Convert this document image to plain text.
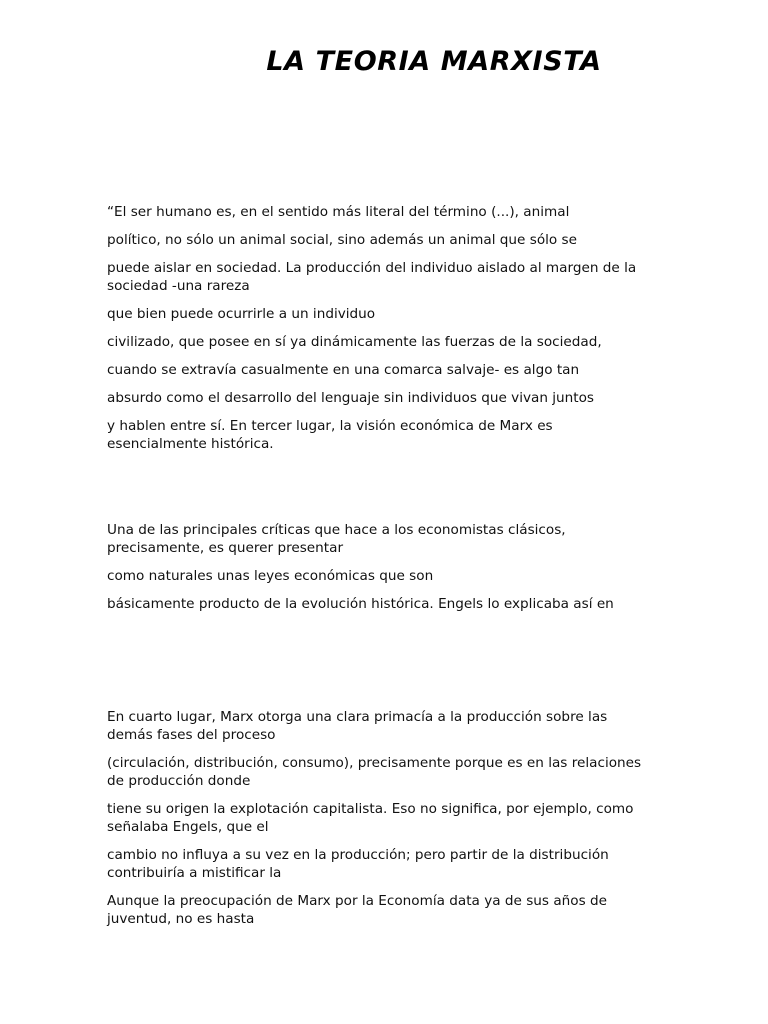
LA TEORIA MARXISTA

“El ser humano es, en el sentido más literal del término (...), animal

político, no sólo un animal social, sino además un animal que sólo se

puede aislar en sociedad. La producción del individuo aislado al margen de la sociedad -una rareza

que bien puede ocurrirle a un individuo

civilizado, que posee en sí ya dinámicamente las fuerzas de la sociedad,

cuando se extravía casualmente en una comarca salvaje- es algo tan

absurdo como el desarrollo del lenguaje sin individuos que vivan juntos

y hablen entre sí. En tercer lugar, la visión económica de Marx es esencialmente histórica.

Una de las principales críticas que hace a los economistas clásicos, precisamente, es querer presentar

como naturales unas leyes económicas que son

básicamente producto de la evolución histórica. Engels lo explicaba así en

En cuarto lugar, Marx otorga una clara primacía a la producción sobre las demás fases del proceso

(circulación, distribución, consumo), precisamente porque es en las relaciones de producción donde

tiene su origen la explotación capitalista. Eso no significa, por ejemplo, como señalaba Engels, que el

cambio no influya a su vez en la producción; pero partir de la distribución contribuiría a mistificar la

Aunque la preocupación de Marx por la Economía data ya de sus años de juventud, no es hasta
